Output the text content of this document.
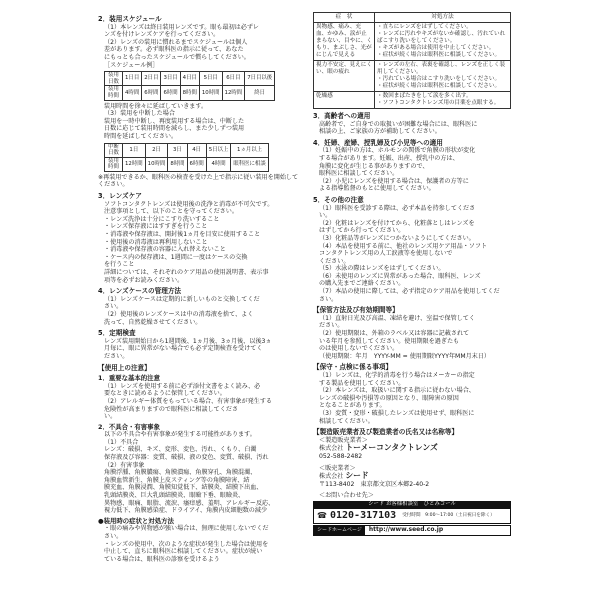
2．装用スケジュール
（1）本レンズは終日装用レンズです。眼も最初は必ずレ
ンズを付けレンズケアを行ってください。
（2）レンズの装用に慣れるまでスケジュールは個人
差があります。必ず眼科医の指示に従って、あなた
にもっとも合ったスケジュールで慣らしてください。
［スケジュール例］
装用日数	1日目	2日目	3日目	4日目	5日目	6日目	7日目以後
装用時間	4時間	6時間	6時間	8時間	10時間	12時間	終日
装用時間を徐々に延ばしていきます。
（3）装用を中断した場合
装用を一時中断し、再度装用する場合は、中断した
日数に応じて装用時間を減らし、また少しずつ装用
時間を延ばしてください。
中断日数	1日	2日	3日	4日	5日以上	1ヵ月以上
装用時間	12時間	10時間	8時間	6時間	4時間	眼科医に相談
※再装用できるか、眼科医の検査を受けた上で指示に従い装用を開始してください。
3．レンズケア
ソフトコンタクトレンズは使用後の洗浄と消毒が不可欠です。
注意事項として、以下のことを守ってください。
・レンズ洗浄は十分にこすり洗いすること
・レンズ保存液にはすすぎを行うこと
・消毒液や保存液は、開封後1ヵ月を目安に使用すること
・使用後の消毒液は再利用しないこと
・消毒液や保存液の容器に入れ替えないこと
・ケース内の保存液は、1週間に一度はケースの交換
を行うこと
詳細については、それぞれのケア用品の使用説明書、表示事
項等を必ずお読みください。
4．レンズケースの管理方法
（1）レンズケースは定期的に新しいものと交換してくだ
さい。
（2）使用後のレンズケースは中の消毒液を捨て、よく
洗って、自然乾燥させてください。
5．定期検査
レンズ装用開始日から1週間後、1ヵ月後、3ヵ月後、以後3ヵ
月毎に、眼に異常がない場合でも必ず定期検査を受けてく
ださい。
【使用上の注意】
1．重要な基本的注意
（1）レンズを使用する前に必ず添付文書をよく読み、必
要なときに読めるように保管してください。
（2）アレルギー体質をもっている場合、有害事象が発生する
危険性が高まりますので眼科医に相談してくださ
い。
2．不具合・有害事象
以下の不具合や有害事象が発生する可能性があります。
（1）不具合
レンズ：破損、キズ、変形、変色、汚れ、くもり、白濁
保存液及び容器：変質、破損、液の変色、変質、破損、汚れ
（2）有害事象
角膜浮腫、角膜膿瘍、角膜潰瘍、角膜穿孔、角膜混濁、
角膜血管新生、角膜上皮スティング等の角膜障害、結
膜充血、角膜浸潤、角膜知覚低下、結膜炎、結膜下出血、
乳頭結膜炎、巨大乳頭結膜炎、眼瞼下垂、眼瞼炎、
異物感、眼痛、眼脂、流涙、瘙痒感、羞明、アレルギー反応、
視力低下、角膜感染症、ドライアイ、角膜内皮細胞数の減少
●装用時の症状と対処方法
・眼の痛みや異物感が強い場合は、無理に使用しないでくだ
さい。
・レンズの使用中、次のような症状が発生した場合は使用を
中止して、直ちに眼科医に相談してください。症状が続い
ている場合は、眼科医の診察を受けるよう
症　状	対処方法
異物感、痛み、充血、かゆみ、涙が止まらない、目やに、くもり、まぶしさ、光がにじんで見える	・直ちにレンズをはずしてください。
・レンズに汚れやキズがないか確認し、汚れていればこすり洗いをしてください。
・キズがある場合は使用を中止してください。
・症状が続く場合は眼科医に相談してください。

視力不安定、見えにくい、眼の疲れ	・レンズの左右、表裏を確認し、レンズを正しく装用してください。
・汚れている場合はこすり洗いをしてください。
・症状が続く場合は眼科医に相談してください。

乾燥感	・数回まばたきをして涙を多く出す。
・ソフトコンタクトレンズ用の目薬を点眼する。
3．高齢者への適用
高齢者で、ご自身での取扱いが困難な場合には、眼科医に
相談の上、ご家族の方が補助してください。
4．妊婦、産婦、授乳婦及び小児等への適用
（1）妊娠中の方は、ホルモンの関係で角膜の形状が変化
する場合があります。妊娠、出産、授乳中の方は、
角膜に変化が生じる事がありますので、
眼科医に相談してください。
（2）小児にレンズを使用する場合は、保護者の方等に
よる指導監督のもとに使用してください。
5．その他の注意
（1）眼科医を受診する際は、必ず本品を持参してくださ
い。
（2）化粧はレンズを付けてから、化粧落としはレンズを
はずしてから行ってください。
（3）化粧品等がレンズにつかないようにしてください。
（4）本品を使用する前に、他社のレンズ用ケア用品・ソフト
コンタクトレンズ用の人工涙液等を使用しないで
ください。
（5）水泳の際はレンズをはずしてください。
（6）未使用のレンズに異常があった場合、眼科医、レンズ
の購入先までご連絡ください。
（7）本品の使用に際しては、必ず指定のケア用品を使用してくだ
さい。
【保管方法及び有効期間等】
（1）直射日光及び高温、凍結を避け、室温で保管してく
ださい。
（2）使用期限は、外箱のラベル又は容器に記載されて
いる年月を参照してください。使用期限を過ぎたも
のは使用しないでください。
（使用期限：年月　YYYY-MM = 使用期限YYYY年MM月末日）
【保守・点検に係る事項】
（1）レンズは、化学的消毒を行う場合はメーカーの指定
する製品を使用してください。
（2）本レンズは、取扱いに関する指示に従わない場合、
レンズの破損や汚損等の原因となり、眼障害の原因
となることがあります。
（3）変質・変形・破損したレンズは使用せず、眼科医に
相談してください。
【製造販売業者及び製造業者の氏名又は名称等】
＜製造販売業者＞
株式会社 トーメーコンタクトレンズ
052-588-2482
＜販売業者＞
株式会社 シード
〒113-8402　東京都文京区本郷2-40-2
＜お問い合わせ先＞
シード お客様相談室　ひとみコール
☎ 0120-317103	受付時間　9:00〜17:00（土日祝日を除く）
シードホームページ	http://www.seed.co.jp
